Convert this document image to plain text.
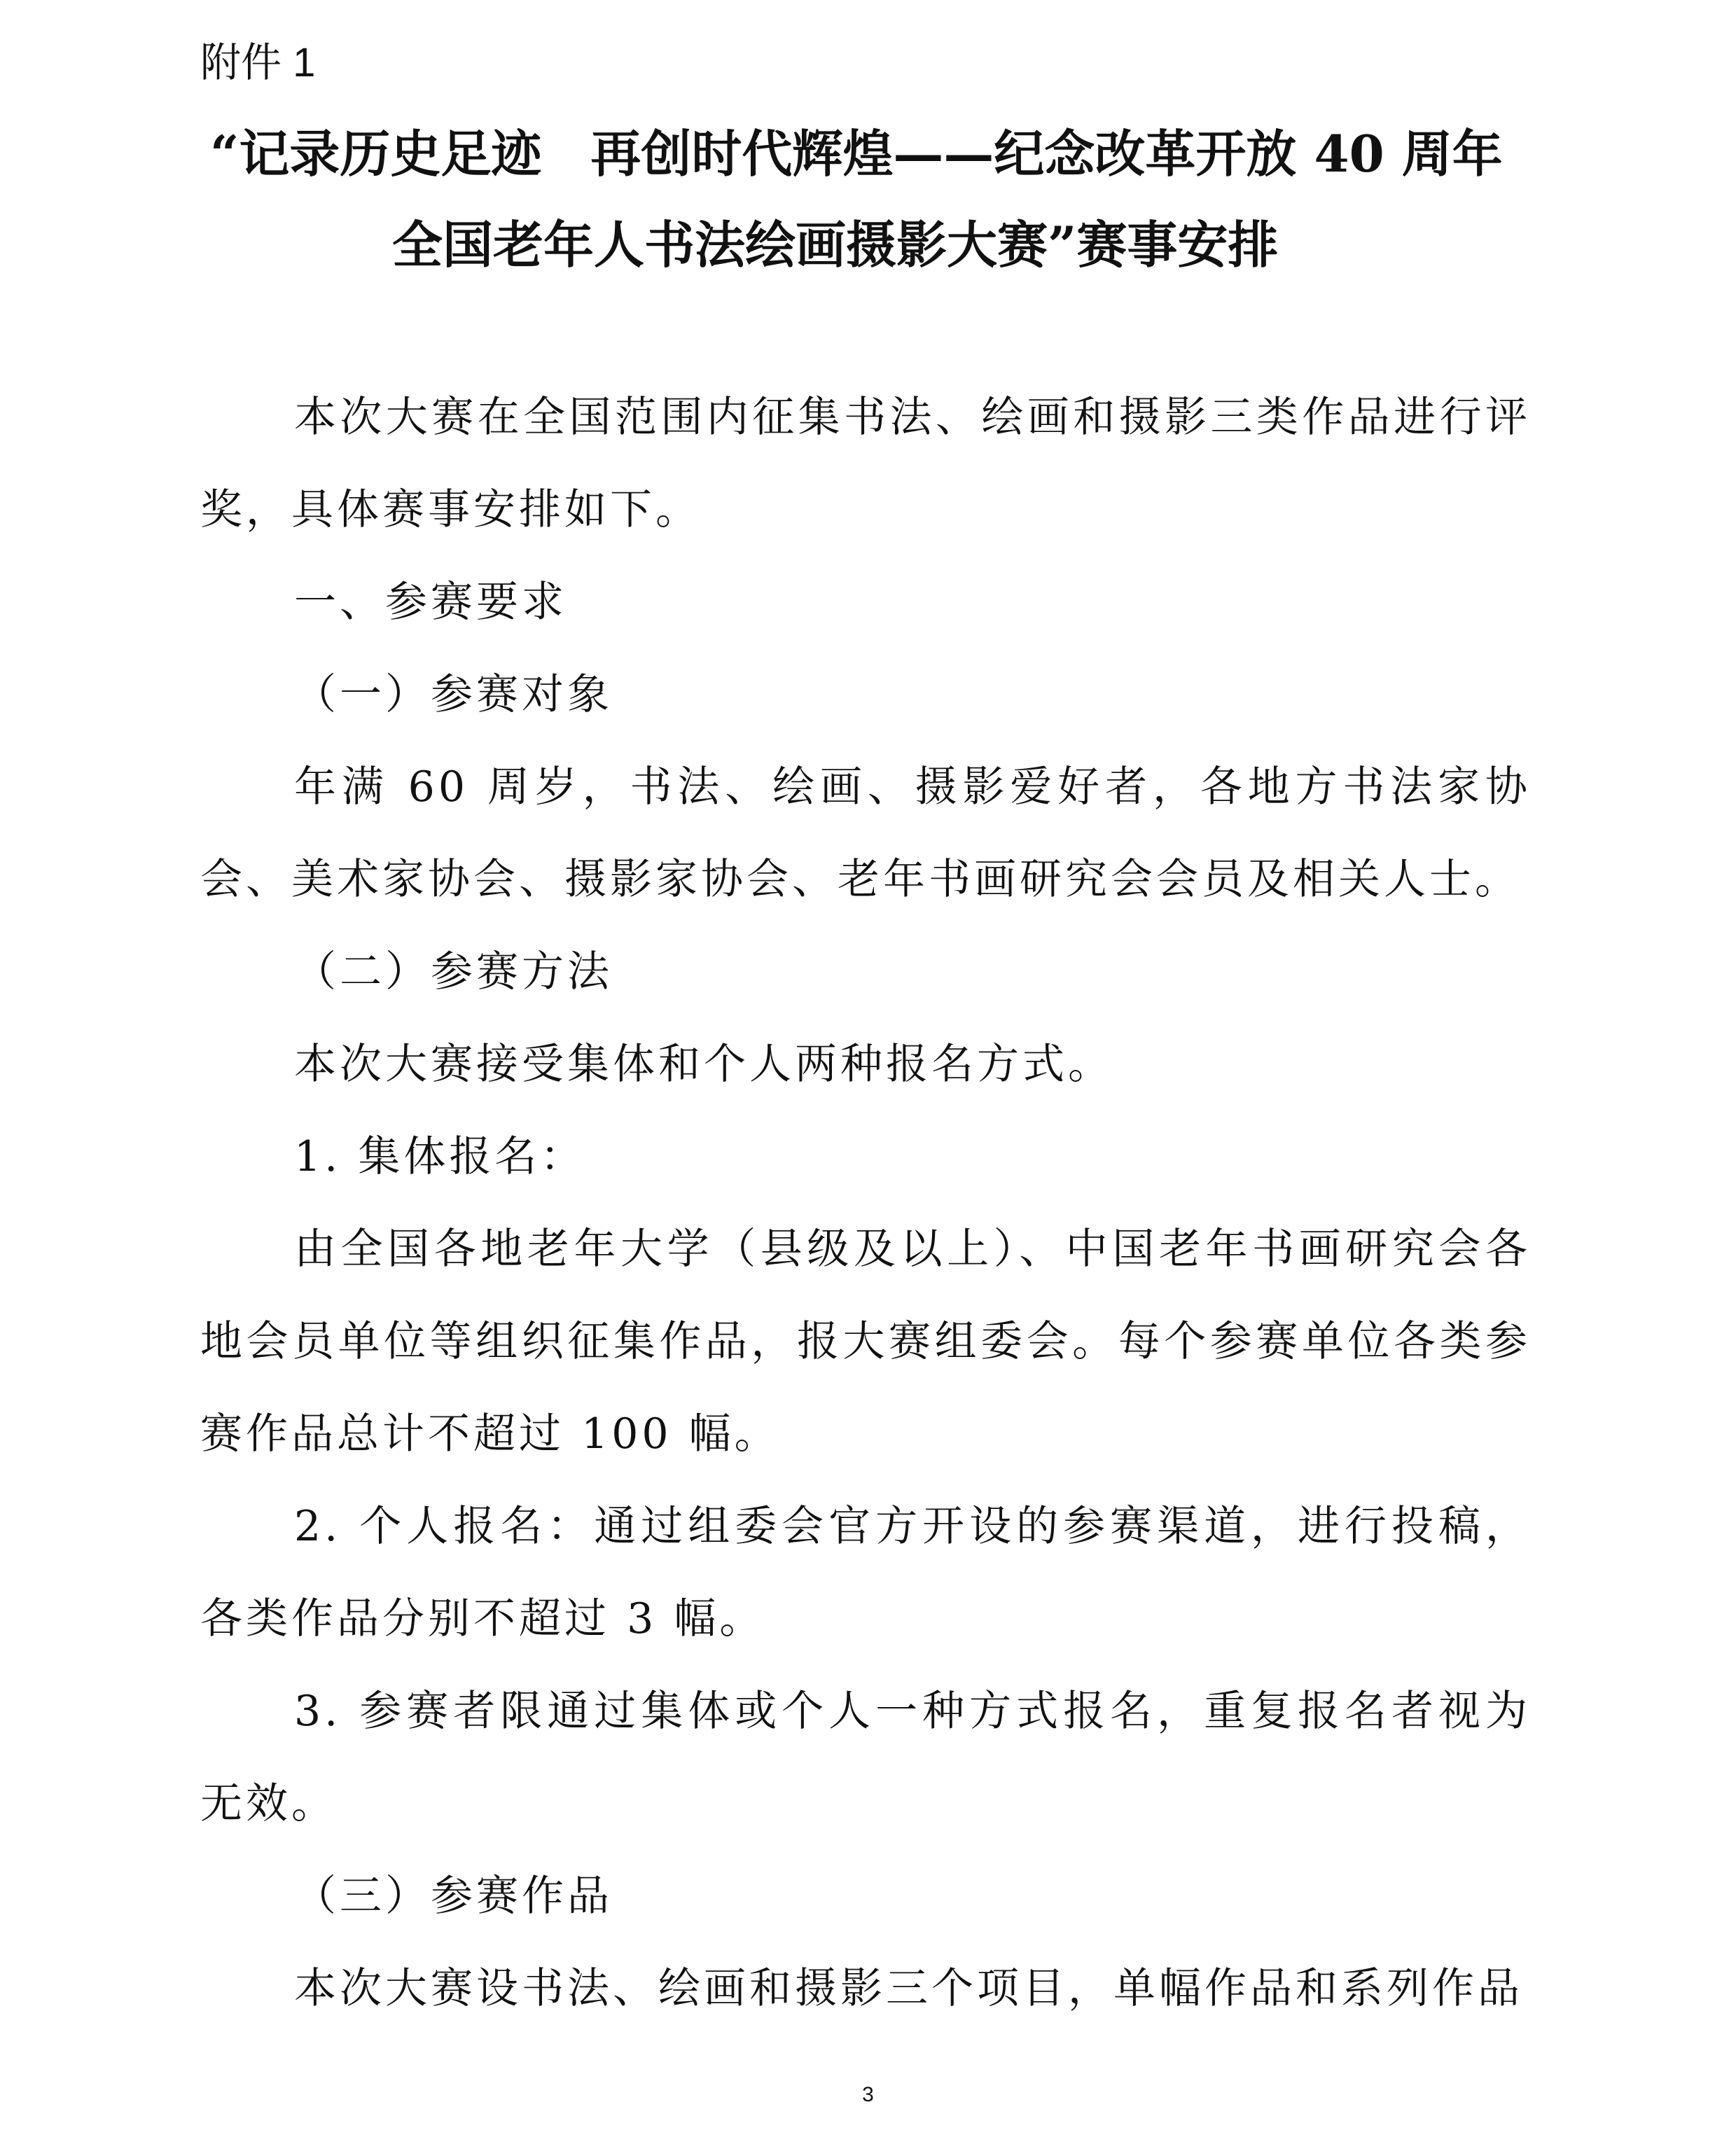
附件 1
“记录历史足迹 再创时代辉煌——纪念改革开放 40 周年
全国老年人书法绘画摄影大赛”赛事安排

本次大赛在全国范围内征集书法、绘画和摄影三类作品进行评奖，具体赛事安排如下。

一、参赛要求

（一）参赛对象

年满 60 周岁，书法、绘画、摄影爱好者，各地方书法家协会、美术家协会、摄影家协会、老年书画研究会会员及相关人士。

（二）参赛方法

本次大赛接受集体和个人两种报名方式。

1. 集体报名：

由全国各地老年大学（县级及以上）、中国老年书画研究会各地会员单位等组织征集作品，报大赛组委会。每个参赛单位各类参赛作品总计不超过 100 幅。

2. 个人报名：通过组委会官方开设的参赛渠道，进行投稿，各类作品分别不超过 3 幅。

3. 参赛者限通过集体或个人一种方式报名，重复报名者视为无效。

（三）参赛作品

本次大赛设书法、绘画和摄影三个项目，单幅作品和系列作品

3
